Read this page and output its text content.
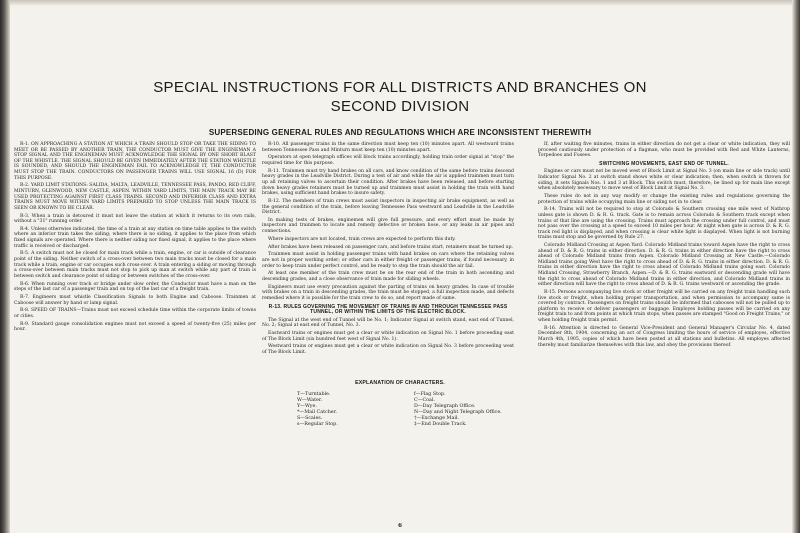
SPECIAL INSTRUCTIONS FOR ALL DISTRICTS AND BRANCHES ON
SECOND DIVISION
SUPERSEDING GENERAL RULES AND REGULATIONS WHICH ARE INCONSISTENT THEREWITH

R-1. ON APPROACHING A STATION AT WHICH A TRAIN SHOULD STOP OR TAKE THE SIDING TO MEET OR BE PASSED BY ANOTHER TRAIN, THE CONDUCTOR MUST GIVE THE ENGINEMAN A STOP SIGNAL AND THE ENGINEMAN MUST ACKNOWLEDGE THE SIGNAL BY ONE SHORT BLAST OF THE WHISTLE. THE SIGNAL SHOULD BE GIVEN IMMEDIATELY AFTER THE STATION WHISTLE IS SOUNDED, AND SHOULD THE ENGINEMAN FAIL TO ACKNOWLEDGE IT, THE CONDUCTOR MUST STOP THE TRAIN. CONDUCTORS ON PASSENGER TRAINS WILL USE SIGNAL 16 (D) FOR THIS PURPOSE.

R-2. YARD LIMIT STATIONS: SALIDA, MALTA, LEADVILLE, TENNESSEE PASS, PANDO, RED CLIFF, MINTURN, GLENWOOD, NEW CASTLE, ASPEN. WITHIN YARD LIMITS, THE MAIN TRACK MAY BE USED PROTECTING AGAINST FIRST CLASS TRAINS. SECOND AND INFERIOR CLASS AND EXTRA TRAINS MUST MOVE WITHIN YARD LIMITS PREPARED TO STOP UNLESS THE MAIN TRACK IS SEEN OR KNOWN TO BE CLEAR.

R-3. When a train is detoured it must not leave the station at which it returns to its own rails, without a "31" running order.

R-4. Unless otherwise indicated, the time of a train at any station on time table applies to the switch where an inferior train takes the siding; where there is no siding, it applies to the place from which fixed signals are operated. Where there is neither siding nor fixed signal, it applies to the place where traffic is received or discharged.

R-5. A switch must not be closed for main track while a train, engine, or car is outside of clearance point of the siding. Neither switch of a cross-over between two main tracks must be closed for a main track while a train, engine or car occupies such cross-over. A train entering a siding or moving through a cross-over between main tracks must not stop to pick up man at switch while any part of train is between switch and clearance point of siding or between switches of the cross-over.

R-6. When running over track or bridge under slow order, the Conductor must have a man on the steps of the last car of a passenger train and on top of the last car of a freight train.

R-7. Engineers must whistle Classification Signals to both Engine and Caboose. Trainmen at Caboose will answer by hand or lamp signal.

R-8. SPEED OF TRAINS—Trains must not exceed schedule time within the corporate limits of towns or cities.

R-9. Standard gauge consolidation engines must not exceed a speed of twenty-five (25) miles per hour.

R-10. All passenger trains in the same direction must keep ten (10) minutes apart. All westward trains between Tennessee Pass and Minturn must keep ten (10) minutes apart.

Operators at open telegraph offices will block trains accordingly, holding train order signal at "stop" the required time for this purpose.

R-11. Trainmen must try hand brakes on all cars, and know condition of the same before trains descend heavy grades in the Leadville District. During a test of air and while the air is applied trainmen must turn up all retaining valves to ascertain their condition. After brakes have been released, and before starting down heavy grades retainers must be turned up and trainmen must assist in holding the train with hand brakes, using sufficient hand brakes to insure safety.

R-12. The members of train crews must assist inspectors in inspecting air brake equipment, as well as the general condition of the train, before leaving Tennessee Pass westward and Leadville in the Leadville District.

In making tests of brakes, enginemen will give full pressure, and every effort must be made by inspectors and trainmen to locate and remedy defective or broken hose, or any leaks in air pipes and connections.

Where inspectors are not located, train crews are expected to perform this duty.

After brakes have been released on passenger cars, and before trains start, retainers must be turned up.

Trainmen must assist in holding passenger trains with hand brakes on cars where the retaining valves are not in proper working order; or other cars in either freight or passenger trains, if found necessary, in order to keep train under perfect control, and be ready to stop the train should the air fail.

At least one member of the train crew must be on the rear end of the train in both ascending and descending grades, and a close observance of train made for sliding wheels.

Engineers must use every precaution against the parting of trains on heavy grades. In case of trouble with brakes on a train in descending grades, the train must be stopped, a full inspection made, and defects remedied where it is possible for the train crew to do so, and report made of same.

R-13. RULES GOVERNING THE MOVEMENT OF TRAINS IN AND THROUGH TENNESSEE PASS TUNNEL, OR WITHIN THE LIMITS OF THE ELECTRIC BLOCK.

The Signal at the west end of Tunnel will be No. 1; Indicator Signal at switch stand, east end of Tunnel, No. 2; Signal at east end of Tunnel, No. 3.

Eastward trains or engines must get a clear or white indication on Signal No. 1 before proceeding east of The Block Limit (six hundred feet west of Signal No. 1).

Westward trains or engines must get a clear or white indication on Signal No. 3 before proceeding west of The Block Limit.

If, after waiting five minutes, trains in either direction do not get a clear or white indication, they will proceed cautiously under protection of a flagman, who must be provided with Red and White Lanterns, Torpedoes and Fusees.

SWITCHING MOVEMENTS, EAST END OF TUNNEL.

Engines or cars must not be moved west of Block Limit at Signal No. 3 (on main line or side track) until Indicator Signal No. 2 at switch stand shows white or clear indication; then, when switch is thrown for siding, it sets Signals Nos. 1 and 3 at Block. This switch must, therefore, be lined up for main line except when absolutely necessary to move west of Block Limit at Signal No. 3.

These rules do not in any way modify or change the existing rules and regulations governing the protection of trains while occupying main line or siding not in to clear.

R-14. Trains will not be required to stop at Colorado & Southern crossing one mile west of Nathrop unless gate is shown D. & R. G. track. Gate is to remain across Colorado & Southern track except when trains of that line are using the crossing. Trains must approach the crossing under full control, and must not pass over the crossing at a speed to exceed 10 miles per hour. At night when gate is across D. & R. G. track red light is displayed, and when crossing is clear white light is displayed. When light is not burning trains must stop and be governed by Rule 27.

Colorado Midland Crossing at Aspen Yard. Colorado Midland trains toward Aspen have the right to cross ahead of D. & R. G. trains in either direction. D. & R. G. trains in either direction have the right to cross ahead of Colorado Midland trains from Aspen. Colorado Midland Crossing at New Castle.—Colorado Midland trains going West have the right to cross ahead of D. & R. G. trains in either direction. D. & R. G. trains in either direction have the right to cross ahead of Colorado Midland trains going east. Colorado Midland Crossing, Strawberry Branch, Aspen.—D. & R. G. trains eastward or descending grade will have the right to cross ahead of Colorado Midland trains in either direction, and Colorado Midland trains in either direction will have the right to cross ahead of D. & R. G. trains westward or ascending the grade.

R-15. Persons accompanying live stock or other freight will be carried on any freight train handling such live stock or freight, when holding proper transportation, and when permission to accompany same is covered by contract. Passengers on freight trains should be informed that cabooses will not be pulled up to platform to receive or deliver passengers or baggage. Employes holding passes will be carried on any freight train to and from points at which train stops, when passes are stamped "Good on Freight Trains," or when holding freight train permit.

R-16. Attention is directed to General Vice-President and General Manager's Circular No. 4, dated December 8th, 1904, concerning an act of Congress limiting the hours of service of employes, effective March 4th, 1905, copies of which have been posted at all stations and bulletins. All employes affected thereby must familiarize themselves with this law, and obey the provisions thereof.

EXPLANATION OF CHARACTERS.
T—Turntable.
W—Water.
Y—Wye.
*—Mail Catcher.
S—Scales.
s—Regular Stop.
f—Flag Stop.
C—Coal.
D—Day Telegraph Office.
N—Day and Night Telegraph Office.
†—Exchange Mail.
‡—End Double Track.
6
